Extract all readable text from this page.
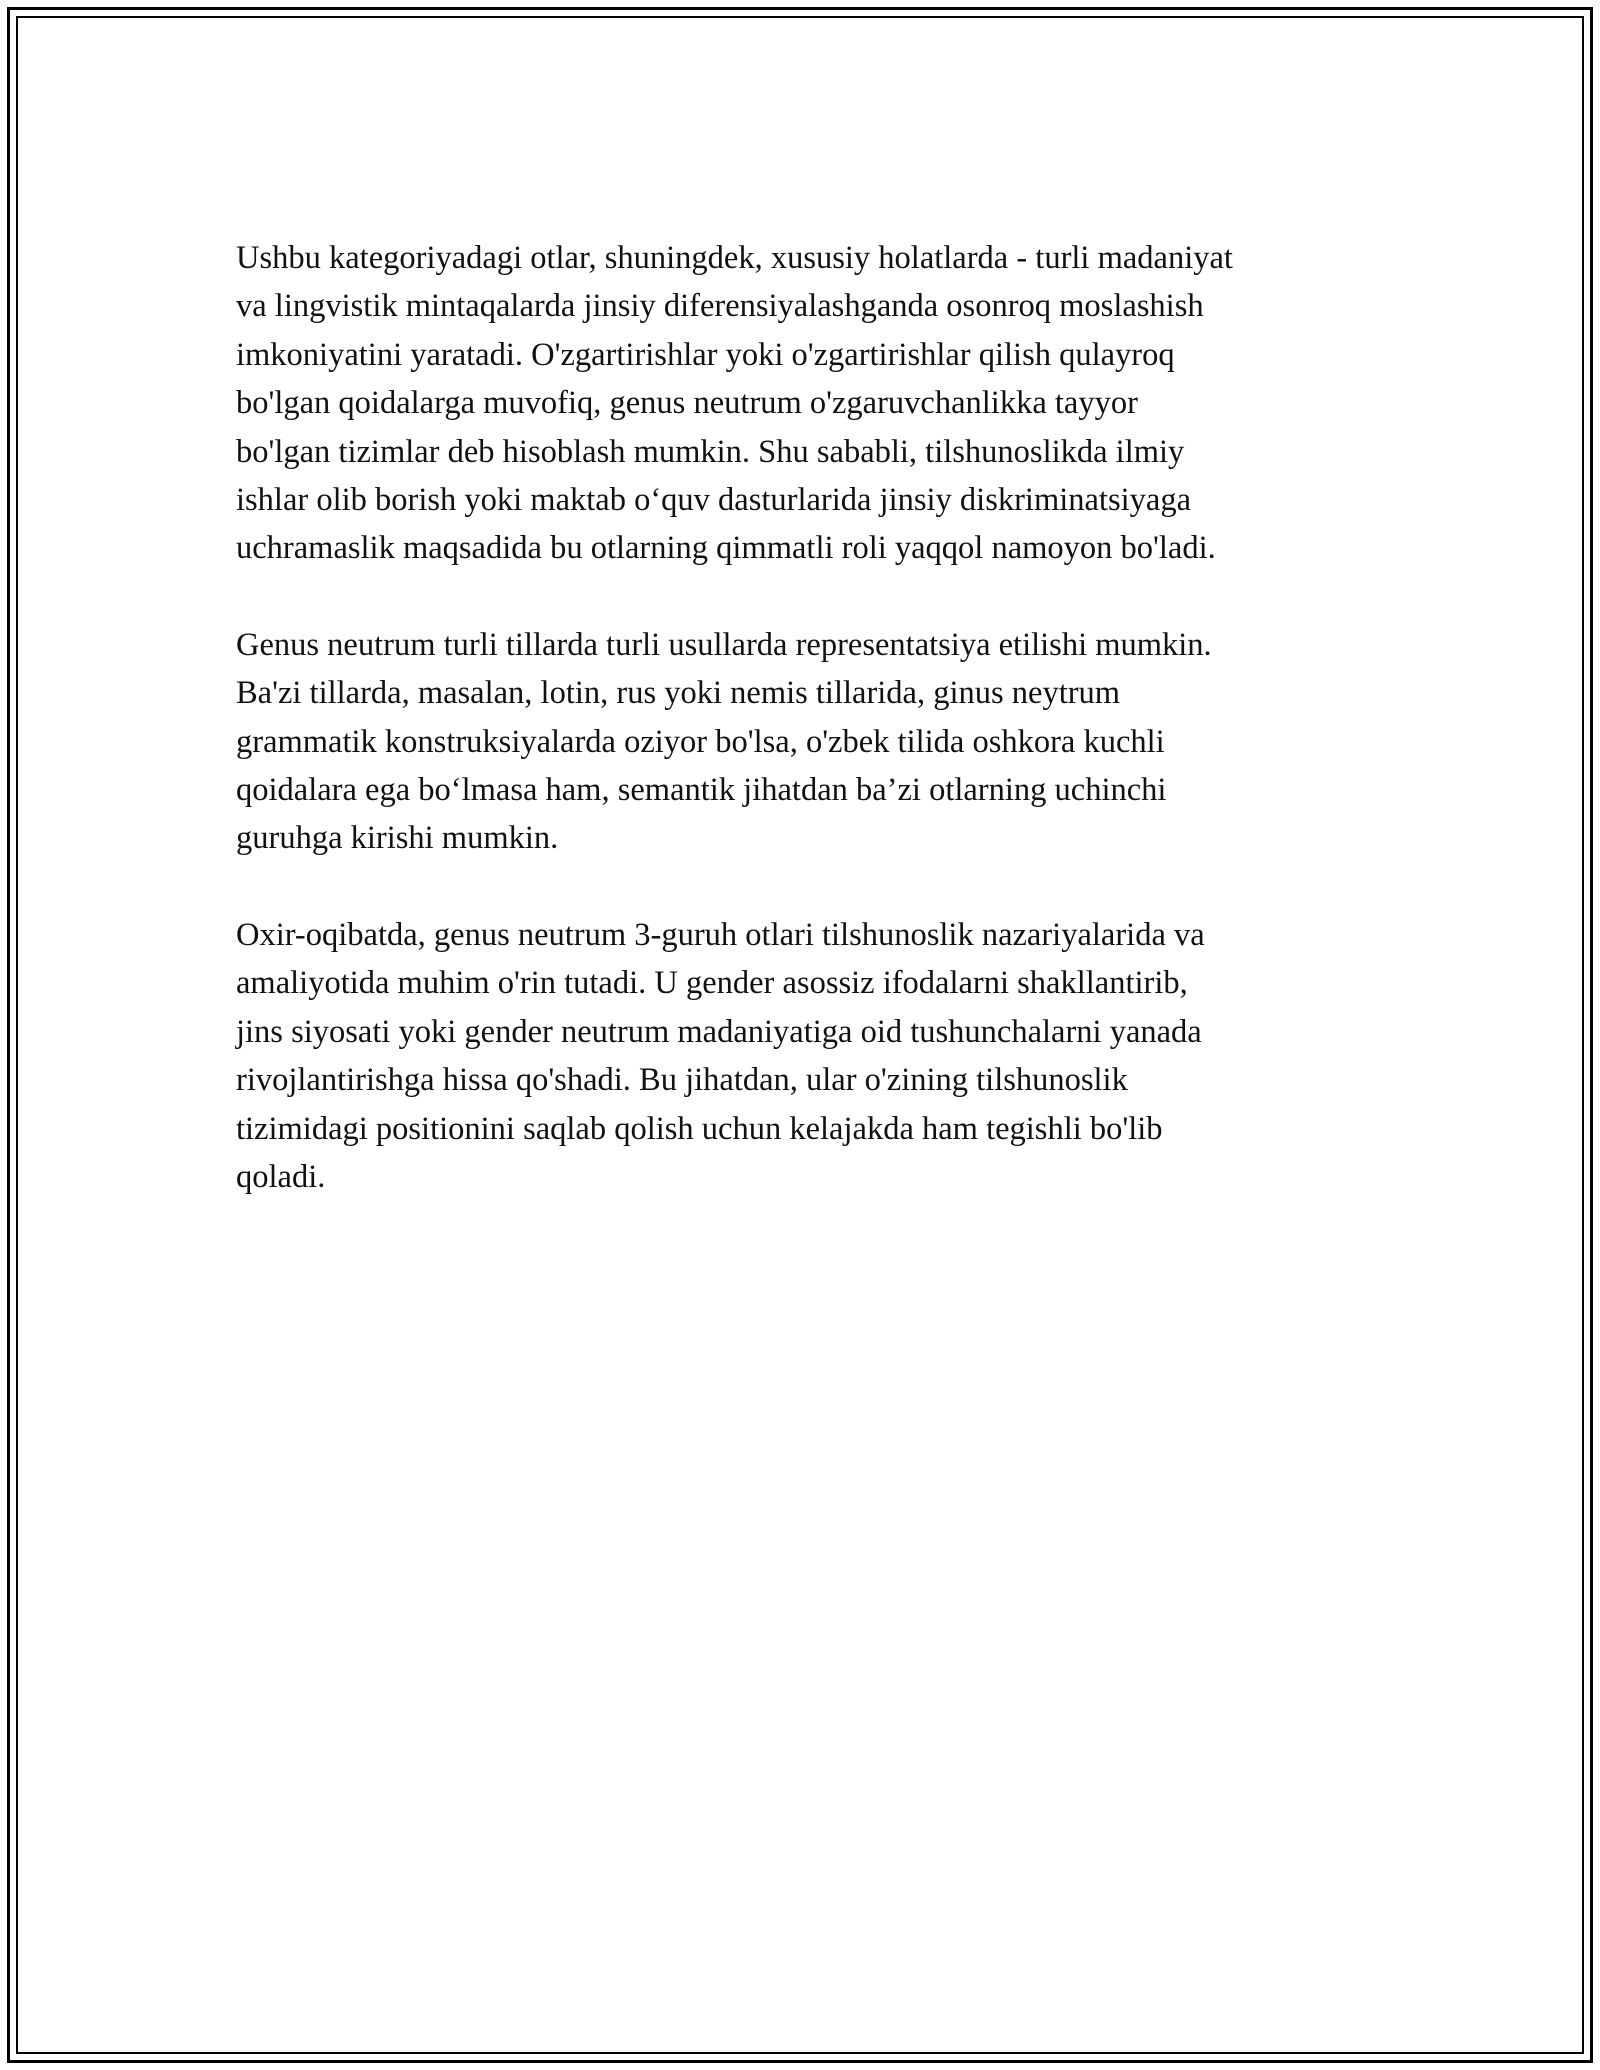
Ushbu kategoriyadagi otlar, shuningdek, xususiy holatlarda - turli madaniyat
va lingvistik mintaqalarda jinsiy diferensiyalashganda osonroq moslashish
imkoniyatini yaratadi. O'zgartirishlar yoki o'zgartirishlar qilish qulayroq
bo'lgan qoidalarga muvofiq, genus neutrum o'zgaruvchanlikka tayyor
bo'lgan tizimlar deb hisoblash mumkin. Shu sababli, tilshunoslikda ilmiy
ishlar olib borish yoki maktab o‘quv dasturlarida jinsiy diskriminatsiyaga
uchramaslik maqsadida bu otlarning qimmatli roli yaqqol namoyon bo'ladi.

Genus neutrum turli tillarda turli usullarda representatsiya etilishi mumkin.
Ba'zi tillarda, masalan, lotin, rus yoki nemis tillarida, ginus neytrum
grammatik konstruksiyalarda oziyor bo'lsa, o'zbek tilida oshkora kuchli
qoidalara ega bo‘lmasa ham, semantik jihatdan ba’zi otlarning uchinchi
guruhga kirishi mumkin.

Oxir-oqibatda, genus neutrum 3-guruh otlari tilshunoslik nazariyalarida va
amaliyotida muhim o'rin tutadi. U gender asossiz ifodalarni shakllantirib,
jins siyosati yoki gender neutrum madaniyatiga oid tushunchalarni yanada
rivojlantirishga hissa qo'shadi. Bu jihatdan, ular o'zining tilshunoslik
tizimidagi positionini saqlab qolish uchun kelajakda ham tegishli bo'lib
qoladi.
